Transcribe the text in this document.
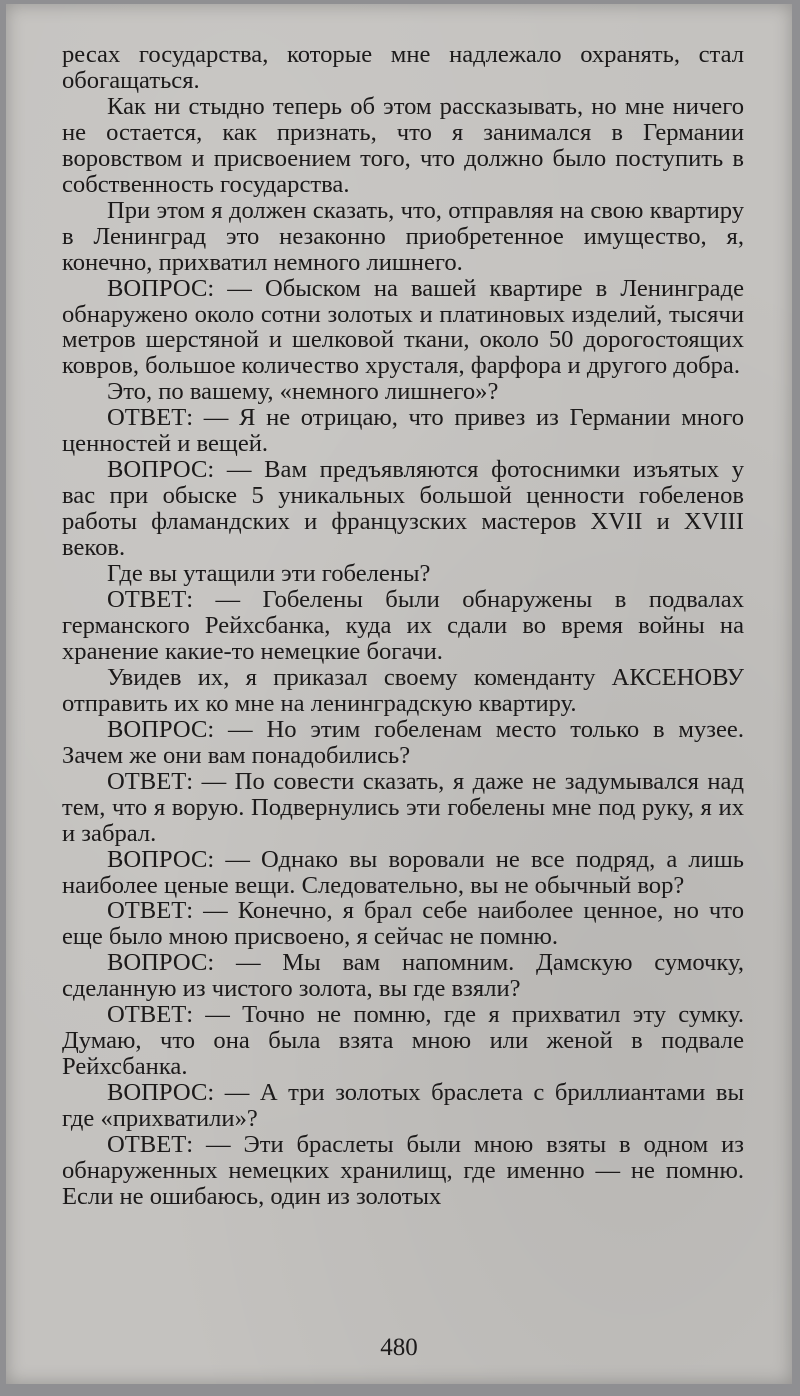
ресах государства, которые мне надлежало охранять, стал обогащаться.

Как ни стыдно теперь об этом рассказывать, но мне ничего не остается, как признать, что я занимался в Германии воровством и присвоением того, что должно было поступить в собственность государства.

При этом я должен сказать, что, отправляя на свою квартиру в Ленинград это незаконно приобретенное имущество, я, конечно, прихватил немного лишнего.

ВОПРОС: — Обыском на вашей квартире в Ленинграде обнаружено около сотни золотых и платиновых изделий, тысячи метров шерстяной и шелковой ткани, около 50 дорогостоящих ковров, большое количество хрусталя, фарфора и другого добра.

Это, по вашему, «немного лишнего»?

ОТВЕТ: — Я не отрицаю, что привез из Германии много ценностей и вещей.

ВОПРОС: — Вам предъявляются фотоснимки изъятых у вас при обыске 5 уникальных большой ценности гобеленов работы фламандских и французских мастеров XVII и XVIII веков.

Где вы утащили эти гобелены?

ОТВЕТ: — Гобелены были обнаружены в подвалах германского Рейхсбанка, куда их сдали во время войны на хранение какие-то немецкие богачи.

Увидев их, я приказал своему коменданту АКСЕНОВУ отправить их ко мне на ленинградскую квартиру.

ВОПРОС: — Но этим гобеленам место только в музее. Зачем же они вам понадобились?

ОТВЕТ: — По совести сказать, я даже не задумывался над тем, что я ворую. Подвернулись эти гобелены мне под руку, я их и забрал.

ВОПРОС: — Однако вы воровали не все подряд, а лишь наиболее ценые вещи. Следовательно, вы не обычный вор?

ОТВЕТ: — Конечно, я брал себе наиболее ценное, но что еще было мною присвоено, я сейчас не помню.

ВОПРОС: — Мы вам напомним. Дамскую сумочку, сделанную из чистого золота, вы где взяли?

ОТВЕТ: — Точно не помню, где я прихватил эту сумку. Думаю, что она была взята мною или женой в подвале Рейхсбанка.

ВОПРОС: — А три золотых браслета с бриллиантами вы где «прихватили»?

ОТВЕТ: — Эти браслеты были мною взяты в одном из обнаруженных немецких хранилищ, где именно — не помню. Если не ошибаюсь, один из золотых

480
